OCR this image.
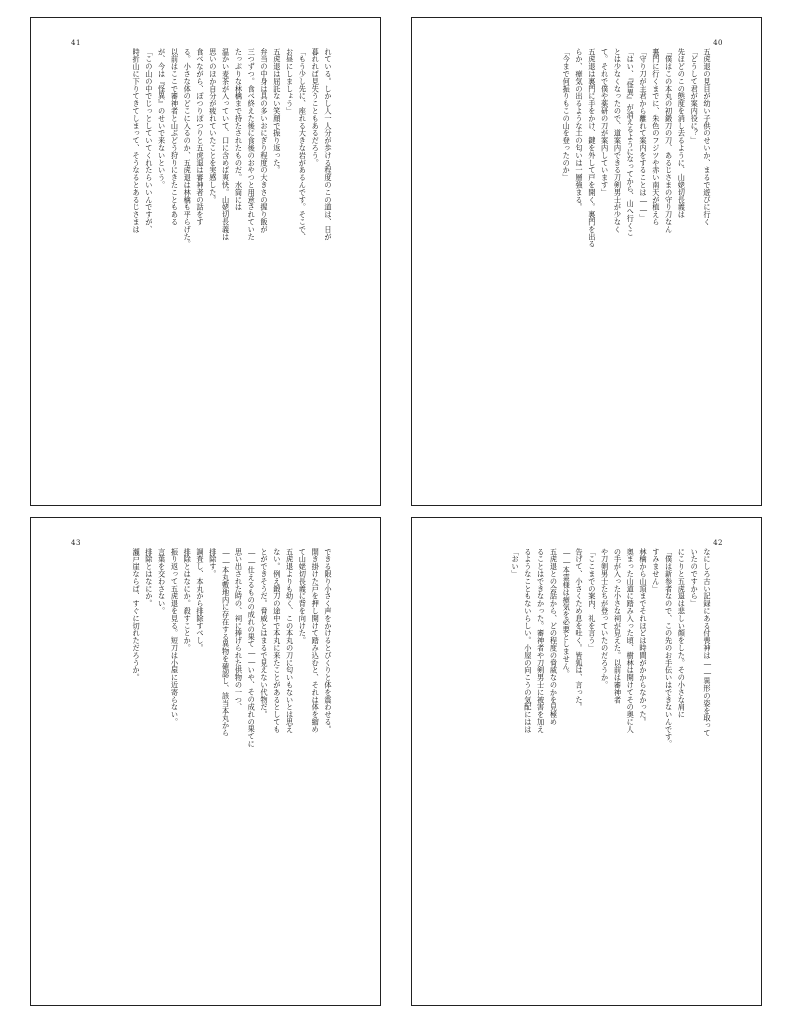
41
れている。しかし人一人分が歩ける程度のこの道は、日が
暮れれば見失うこともあるだろう。
「もう少し先に、座れる大きな岩があるんです。そこで、
お昼にしましょう」
五虎退は屈託ない笑顔で振り返った。
弁当の中身は具の多いおにぎり程度の大きさの握り飯が
三つずつ。食べ終えた後に食後のおやつと用意されていた
たっぷりな林檎まで持たされたものだ。水筒には
温かい麦茶が入っていて、口に含めば爽快。山姥切長義は
思いのほか自分が疲れていたことを実感した。
食べながら、ぽつりぽつりと五虎退は審神者の話をす
る。小さな体のどこに入るのか、五虎退は林檎も平らげた。
以前はここで審神者と山ぶどう狩りにきたこともある
が、今は『怪異』のせいで来ないという。
「この山の中でじっとしていてくれたらいいんですが、
時折山に下りてきてしまって、そうなるとあるじさまは
40
五虎退の見目が幼い子供のせいか、まるで遊びに行く
「どうして君が案内役に？」
先ほどのこの態度を消し去るように、山姥切長義は
「僕はこの本丸の初鍛刀の刀、あるじさまの守り刀なん
裏門に行くまでに、朱色のフジツや赤い南天が植えら
「守り刀が主君から離れて案内をすることは――」
「はい、『怪異』が消えるようになってから、山へ行くこ
とは少なくなったので、道案内できる刀剣男士が少なく
て。それで僕や薬研の刀が案内しています」
五虎退は裏門に手をかけ、鍵を外して戸を開く。裏門を出る
らか、瘴気の出るような土の匂いは一層強まる。
「今まで何振りもこの山を登ったのか」
43
できる限り小さく声をかけるとびくりと体を震わせる。
開き掛けた戸を押し開けて踏み込むと、それは体を縮め
て山姥切長義に背を向けた。
五虎退よりも幼く、この本丸の刀に匂いもないとは思え
ない。例え鍛刀の途中で本丸に来たことがあるとしても
とができそうだ。脅威とはまるで見えない代物だ。
――仕えるものの成れの果て――いや、その成れの果てに
思い出された時の、祠に捧げられた供物の一つ、
――本丸敷地内に存在する異物を確認し、該当本丸から
排除す。
調査し、本丸から排除すべし。
排除とはなにか。殺すことか。
振り返って五虎退を見る。短刀は小屋に近寄らない。
言葉を交わさない。
排除とはなにか。
瀬戸崖ならば、すぐに切れただろうか。
42
なにしろ古い記録にある付喪神は――異形の姿を取って
いたのですから」
にこりと五虎退は悲しい顔をした。その小さな肩に
「僕は新参者なので、この先のお手伝いはできないんです。
すみません」
林檎から山頂までそれほどは時間がかからなかった。
奥まった山道に踏み入った頃、樹林は開けてその奥に人
の手が入った小さな祠が見えた。以前は審神者
や刀剣男士たちが登っていたのだろうか。
「ここまでの案内、礼を言う」
告げて、小さくため息を吐く。皆狐は、言った。
――本霊様は瘴気を必要としません。
五虎退との会話から、どの程度の脅威なのかを見極め
ることはできなかった。審神者や刀剣男士に被害を加え
るようなこともないらしい。小屋の向こうの気配にはは
「おい」
